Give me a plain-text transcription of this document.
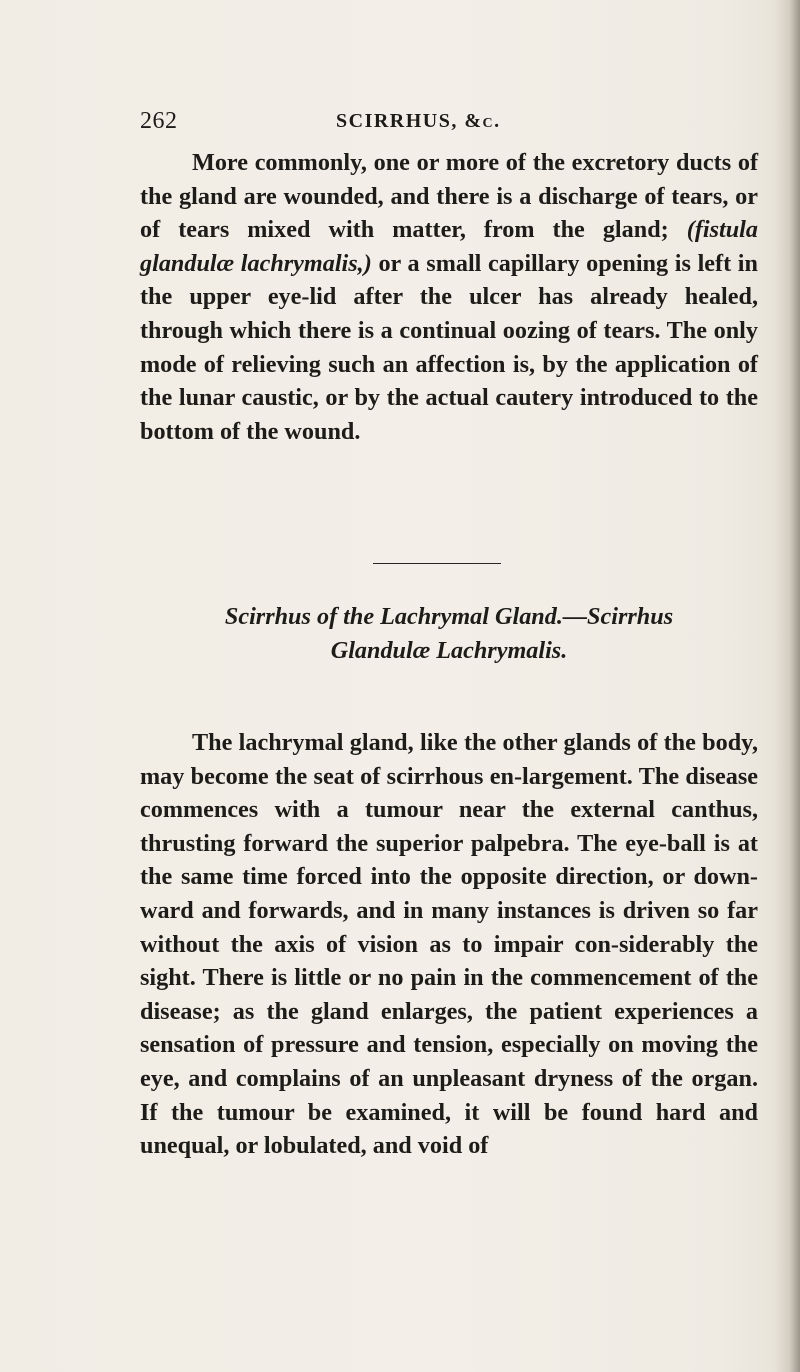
262	SCIRRHUS, &c.

More commonly, one or more of the excretory ducts of the gland are wounded, and there is a discharge of tears, or of tears mixed with matter, from the gland; (fistula glandulæ lachrymalis,) or a small capillary opening is left in the upper eye-lid after the ulcer has already healed, through which there is a continual oozing of tears. The only mode of relieving such an affection is, by the application of the lunar caustic, or by the actual cautery introduced to the bottom of the wound.

Scirrhus of the Lachrymal Gland.—Scirrhus
Glandulæ Lachrymalis.

The lachrymal gland, like the other glands of the body, may become the seat of scirrhous en-largement. The disease commences with a tumour near the external canthus, thrusting forward the superior palpebra. The eye-ball is at the same time forced into the opposite direction, or down-ward and forwards, and in many instances is driven so far without the axis of vision as to impair con-siderably the sight. There is little or no pain in the commencement of the disease; as the gland enlarges, the patient experiences a sensation of pressure and tension, especially on moving the eye, and complains of an unpleasant dryness of the organ. If the tumour be examined, it will be found hard and unequal, or lobulated, and void of
